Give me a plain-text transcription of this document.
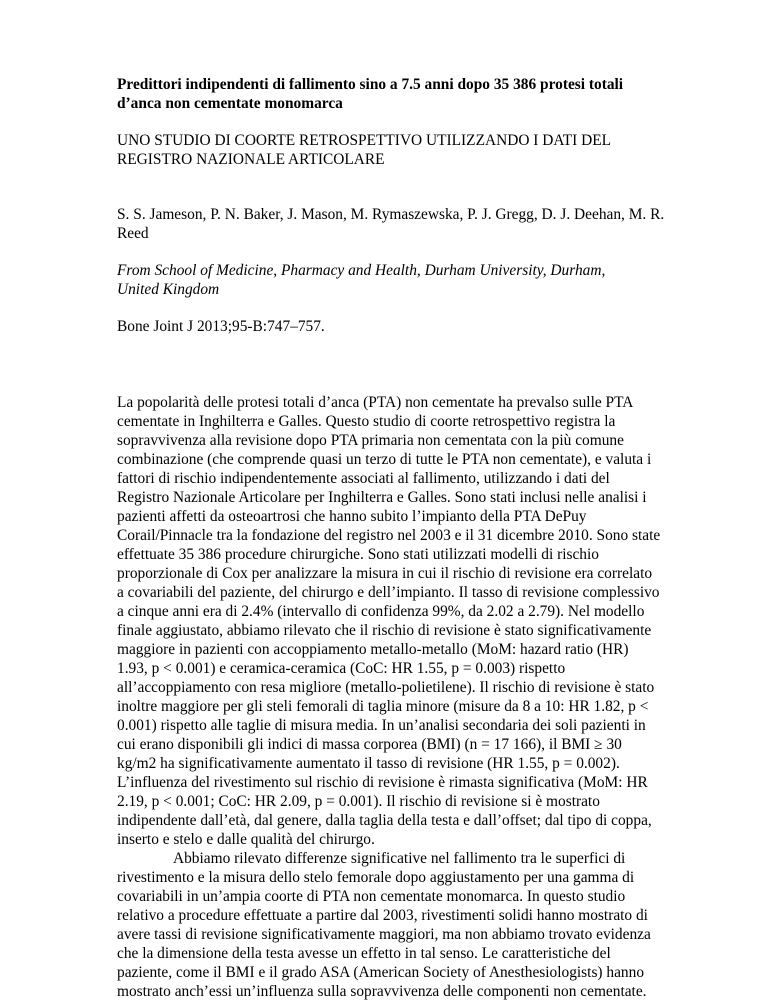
Predittori indipendenti di fallimento sino a 7.5 anni dopo 35 386 protesi totali d’anca non cementate monomarca

UNO STUDIO DI COORTE RETROSPETTIVO UTILIZZANDO I DATI DEL REGISTRO NAZIONALE ARTICOLARE

S. S. Jameson, P. N. Baker, J. Mason, M. Rymaszewska, P. J. Gregg, D. J. Deehan, M. R. Reed

From School of Medicine, Pharmacy and Health, Durham University, Durham, United Kingdom

Bone Joint J 2013;95-B:747–757.

La popolarità delle protesi totali d’anca (PTA) non cementate ha prevalso sulle PTA cementate in Inghilterra e Galles. Questo studio di coorte retrospettivo registra la sopravvivenza alla revisione dopo PTA primaria non cementata con la più comune combinazione (che comprende quasi un terzo di tutte le PTA non cementate), e valuta i fattori di rischio indipendentemente associati al fallimento, utilizzando i dati del Registro Nazionale Articolare per Inghilterra e Galles. Sono stati inclusi nelle analisi i pazienti affetti da osteoartrosi che hanno subito l’impianto della PTA DePuy Corail/Pinnacle tra la fondazione del registro nel 2003 e il 31 dicembre 2010. Sono state effettuate 35 386 procedure chirurgiche. Sono stati utilizzati modelli di rischio proporzionale di Cox per analizzare la misura in cui il rischio di revisione era correlato a covariabili del paziente, del chirurgo e dell’impianto. Il tasso di revisione complessivo a cinque anni era di 2.4% (intervallo di confidenza 99%, da 2.02 a 2.79). Nel modello finale aggiustato, abbiamo rilevato che il rischio di revisione è stato significativamente maggiore in pazienti con accoppiamento metallo-metallo (MoM: hazard ratio (HR) 1.93, p < 0.001) e ceramica-ceramica (CoC: HR 1.55, p = 0.003) rispetto all’accoppiamento con resa migliore (metallo-polietilene). Il rischio di revisione è stato inoltre maggiore per gli steli femorali di taglia minore (misure da 8 a 10: HR 1.82, p < 0.001) rispetto alle taglie di misura media. In un’analisi secondaria dei soli pazienti in cui erano disponibili gli indici di massa corporea (BMI) (n = 17 166), il BMI ≥ 30 kg/m2 ha significativamente aumentato il tasso di revisione (HR 1.55, p = 0.002). L’influenza del rivestimento sul rischio di revisione è rimasta significativa (MoM: HR 2.19, p < 0.001; CoC: HR 2.09, p = 0.001). Il rischio di revisione si è mostrato indipendente dall’età, dal genere, dalla taglia della testa e dall’offset; dal tipo di coppa, inserto e stelo e dalle qualità del chirurgo.

Abbiamo rilevato differenze significative nel fallimento tra le superfici di rivestimento e la misura dello stelo femorale dopo aggiustamento per una gamma di covariabili in un’ampia coorte di PTA non cementate monomarca. In questo studio relativo a procedure effettuate a partire dal 2003, rivestimenti solidi hanno mostrato di avere tassi di revisione significativamente maggiori, ma non abbiamo trovato evidenza che la dimensione della testa avesse un effetto in tal senso. Le caratteristiche del paziente, come il BMI e il grado ASA (American Society of Anesthesiologists) hanno mostrato anch’essi un’influenza sulla sopravvivenza delle componenti non cementate.
